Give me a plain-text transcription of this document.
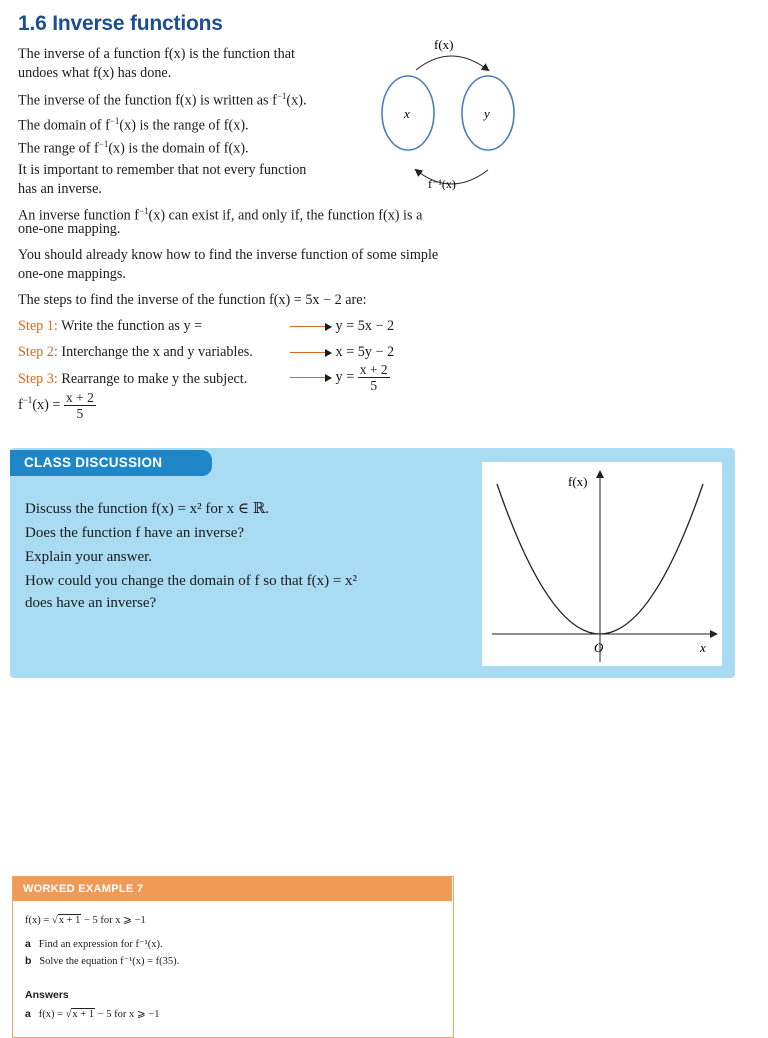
1.6 Inverse functions
The inverse of a function f(x) is the function that
undoes what f(x) has done.
The inverse of the function f(x) is written as $f^{-1}(x)$.
The domain of $f^{-1}(x)$ is the range of f(x).
The range of $f^{-1}(x)$ is the domain of f(x).
It is important to remember that not every function
has an inverse.
An inverse function $f^{-1}(x)$ can exist if, and only if, the function f(x) is a
one-one mapping.
You should already know how to find the inverse function of some simple
one-one mappings.
The steps to find the inverse of the function f(x) = 5x − 2 are:
f(x)
f⁻¹(x)
x	y
Step 1: Write the function as y =	y = 5x − 2
Step 2: Interchange the x and y variables.	x = 5y − 2
Step 3: Rearrange to make y the subject.	$y = \frac{x + 2}{5}$
$f^{-1}(x) = \frac{x + 2}{5}$
CLASS DISCUSSION
Discuss the function f(x) = x² for x ∈ ℝ.
Does the function f have an inverse?
Explain your answer.
How could you change the domain of f so that f(x) = x²
does have an inverse?
f(x)
O	x
WORKED EXAMPLE 7
f(x) = √x + 1 − 5 for x ⩾ −1
a Find an expression for f⁻¹(x).
b Solve the equation f⁻¹(x) = f(35).
Answers
a f(x) = √x + 1 − 5 for x ⩾ −1
